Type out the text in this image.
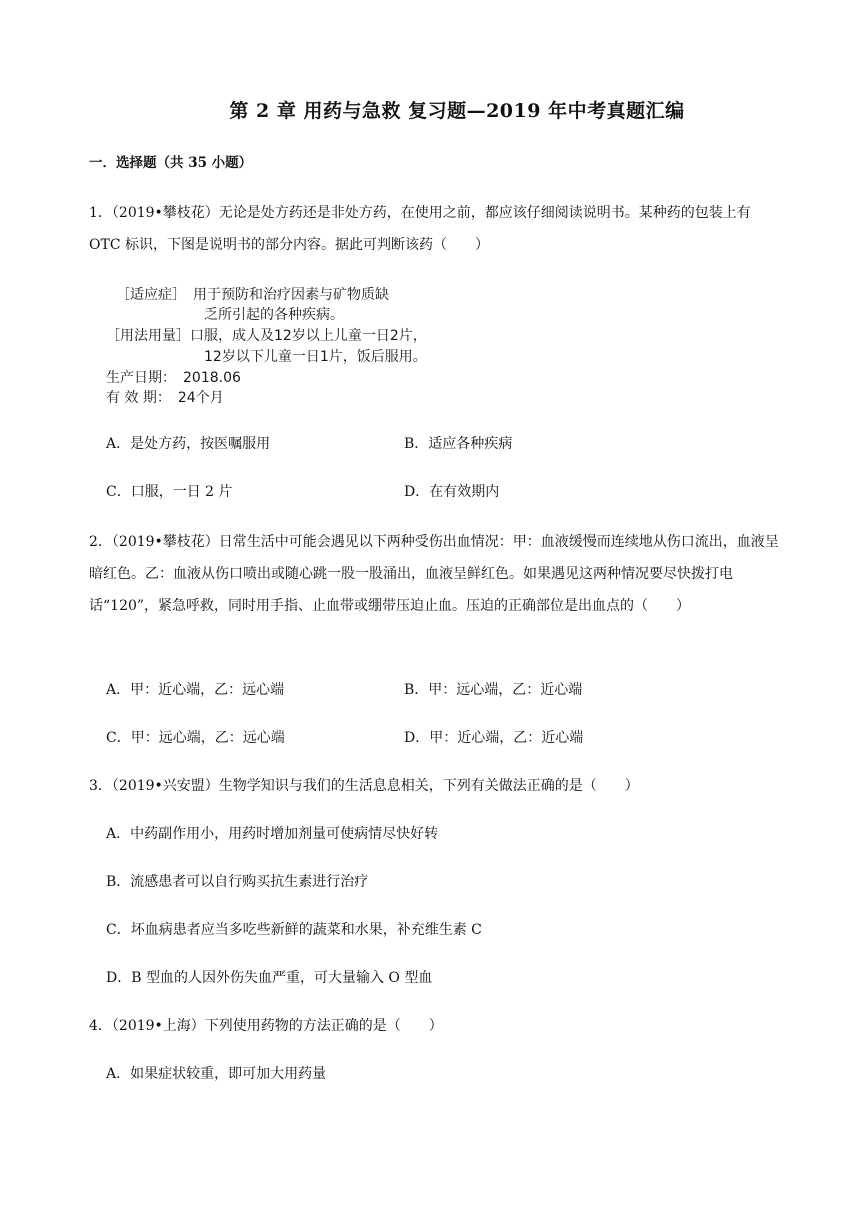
第 2 章 用药与急救 复习题—2019 年中考真题汇编
一．选择题（共 35 小题）
1．（2019•攀枝花）无论是处方药还是非处方药，在使用之前，都应该仔细阅读说明书。某种药的包装上有 OTC 标识，下图是说明书的部分内容。据此可判断该药（　　）
［适应症］　用于预防和治疗因素与矿物质缺
乏所引起的各种疾病。
［用法用量］口服，成人及12岁以上儿童一日2片，
12岁以下儿童一日1片，饭后服用。
生产日期：　2018.06
有 效 期：　24个月
A．是处方药，按医嘱服用	B．适应各种疾病
C．口服，一日 2 片	D．在有效期内
2．（2019•攀枝花）日常生活中可能会遇见以下两种受伤出血情况：甲：血液缓慢而连续地从伤口流出，血液呈暗红色。乙：血液从伤口喷出或随心跳一股一股涌出，血液呈鲜红色。如果遇见这两种情况要尽快拨打电话“120”，紧急呼救，同时用手指、止血带或绷带压迫止血。压迫的正确部位是出血点的（　　）
A．甲：近心端，乙：远心端	B．甲：远心端，乙：近心端
C．甲：远心端，乙：远心端	D．甲：近心端，乙：近心端
3．（2019•兴安盟）生物学知识与我们的生活息息相关，下列有关做法正确的是（　　）
A．中药副作用小，用药时增加剂量可使病情尽快好转
B．流感患者可以自行购买抗生素进行治疗
C．坏血病患者应当多吃些新鲜的蔬菜和水果，补充维生素 C
D．B 型血的人因外伤失血严重，可大量输入 O 型血
4．（2019•上海）下列使用药物的方法正确的是（　　）
A．如果症状较重，即可加大用药量
